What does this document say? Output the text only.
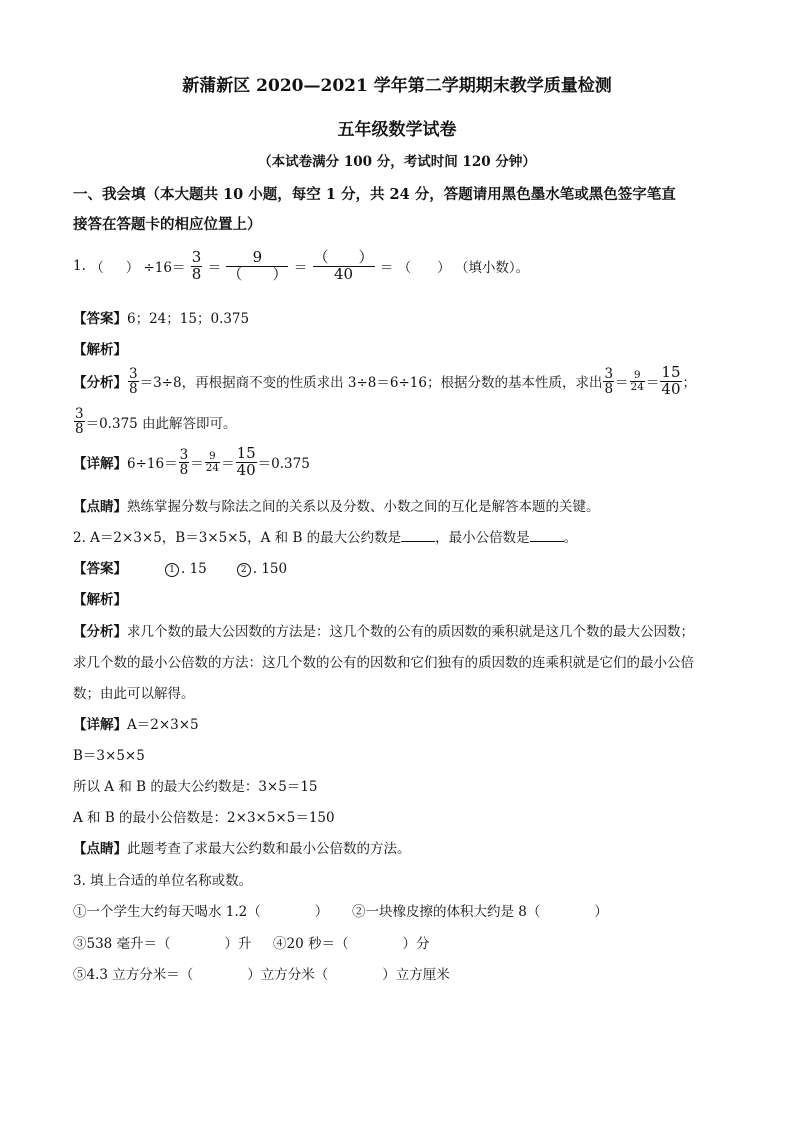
新蒲新区 2020—2021 学年第二学期期末教学质量检测
五年级数学试卷
（本试卷满分 100 分，考试时间 120 分钟）
一、我会填（本大题共 10 小题，每空 1 分，共 24 分，答题请用黑色墨水笔或黑色签字笔直
接答在答题卡的相应位置上）
1. （ ） $\div 16= \frac{3}{8} = \frac{9}{( )} = \frac{( )}{40}$ ＝ （ ） （填小数）。
【答案】6；24；15；0.375
【解析】
【分析】 $\frac{3}{8} =3\div 8$，再根据商不变的性质求出 3÷8＝6÷16；根据分数的基本性质，求出 $\frac{3}{8} = \frac{9}{24} = \frac{15}{40}$ ；
$\frac{3}{8} =0.375$ 由此解答即可。
【详解】$6\div 16= \frac{3}{8} = \frac{9}{24} = \frac{15}{40} =0.375$
【点睛】熟练掌握分数与除法之间的关系以及分数、小数之间的互化是解答本题的关键。
2. A＝2×3×5，B＝3×5×5，A 和 B 的最大公约数是	，最小公倍数是	。
【答案】	1 . 15	2 . 150
【解析】
【分析】求几个数的最大公因数的方法是：这几个数的公有的质因数的乘积就是这几个数的最大公因数；
求几个数的最小公倍数的方法：这几个数的公有的因数和它们独有的质因数的连乘积就是它们的最小公倍
数；由此可以解得。
【详解】A＝2×3×5
B＝3×5×5
所以 A 和 B 的最大公约数是：3×5＝15
A 和 B 的最小公倍数是：2×3×5×5＝150
【点睛】此题考查了求最大公约数和最小公倍数的方法。
3. 填上合适的单位名称或数。
①一个学生大约每天喝水 1.2（　　　　） ②一块橡皮擦的体积大约是 8（　　　　）
③538 毫升＝（　　　　）升 ④20 秒＝（　　　　）分
⑤4.3 立方分米＝（　　　　）立方分米（　　　　）立方厘米
